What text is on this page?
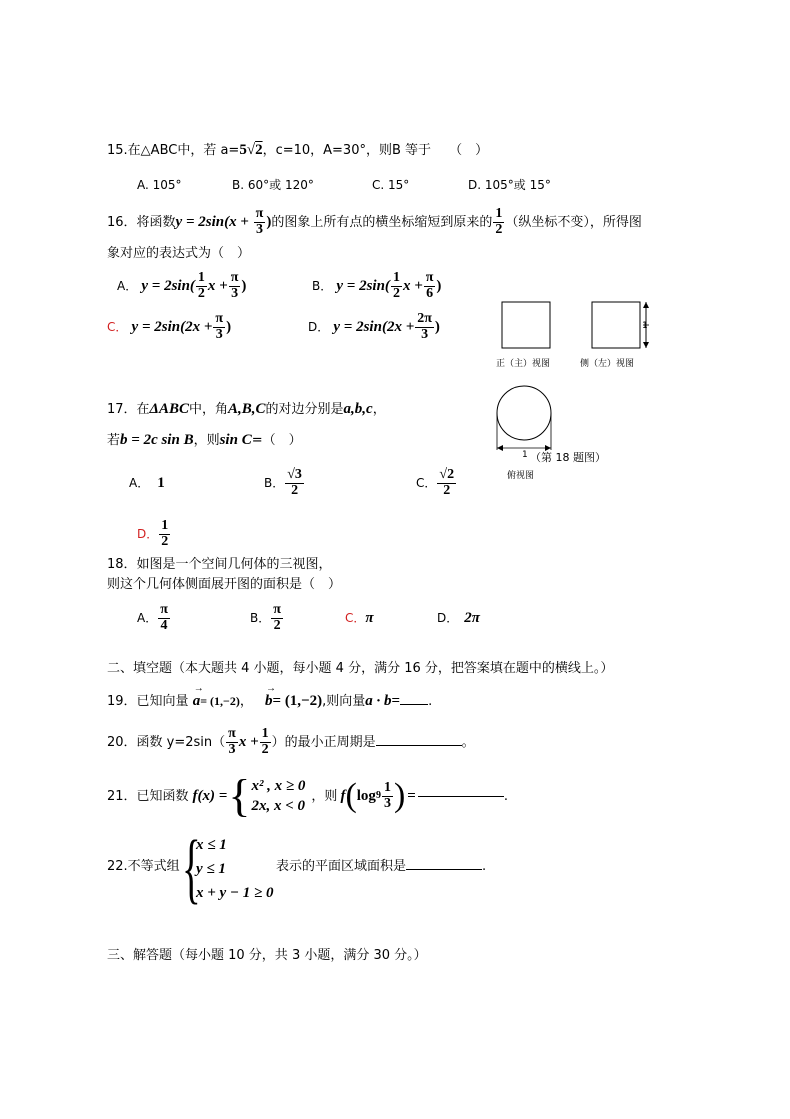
15.在△ABC中，若 a=5√2，c=10，A=30°，则B 等于 （　）
A. 105°	B. 60°或 120°	C. 15°	D. 105°或 15°
16．将函数$y = 2\sin(x + \frac{\pi}{3}$ )的图象上所有点的横坐标缩短到原来的 $\frac{1}{2}$ （纵坐标不变），所得图
象对应的表达式为（　）
A． $y = 2\sin( \frac{1}{2}$ $x + \frac{\pi}{3}$ )	B． $y = 2\sin( \frac{1}{2}$ $x + \frac{\pi}{6}$ )
C． $y = 2\sin(2x + \frac{\pi}{3}$ )	D． $y = 2\sin(2x + \frac{2\pi}{3}$ )
正（主）视图	侧（左）视图
1
1 （第 18 题图）
俯视图
17．在ΔABC中，角A,B,C的对边分别是a,b,c，
若b = 2c sin B，则sin C=（　）
A． 1	B． $\frac{√3}{2}$	C． $\frac{√2}{2}$
D． $\frac{1}{2}$
18．如图是一个空间几何体的三视图，
则这个几何体侧面展开图的面积是（　）
A． $\frac{\pi}{4}$	B． $\frac{\pi}{2}$	C．π	D． 2π
二、填空题（本大题共 4 小题，每小题 4 分，满分 16 分，把答案填在题中的横线上。）
19．已知向量
→
a= (1,−2)，
→
b= (1,−2),则向量a · b= .
20．函数 $y=2\sin( \frac{\pi}{3}$ $x + \frac{1}{2}$ ）的最小正周期是	。
21．已知函数 f(x) = { x² , x ≥ 0
2x, x < 0
，则 f ( $\log 9 \frac{1}{3}$ ) =	.
22.不等式组 {
x ≤ 1
y ≤ 1
x + y − 1 ≥ 0
表示的平面区域面积是	.
三、解答题（每小题 10 分，共 3 小题，满分 30 分。）
